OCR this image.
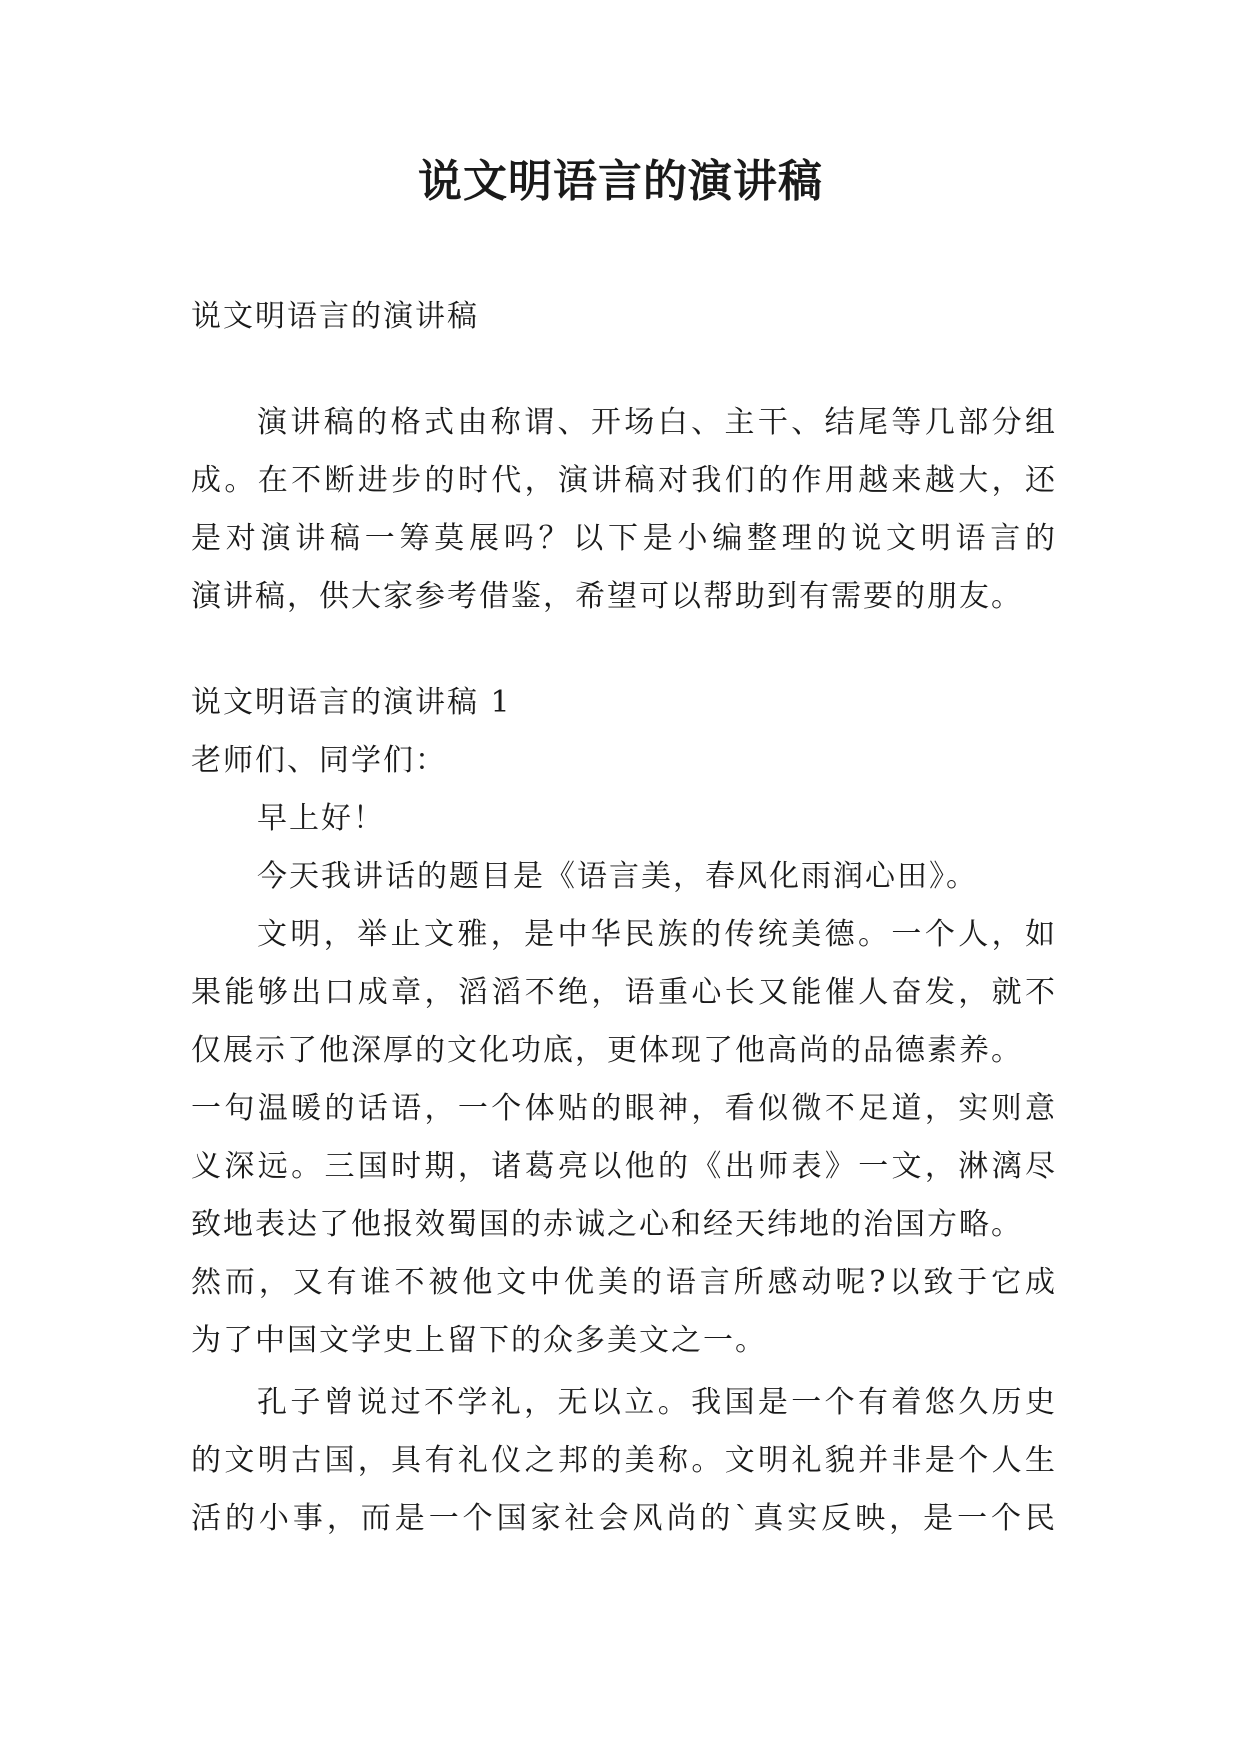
说文明语言的演讲稿
说文明语言的演讲稿
演讲稿的格式由称谓、开场白、主干、结尾等几部分组
成。在不断进步的时代，演讲稿对我们的作用越来越大，还
是对演讲稿一筹莫展吗？以下是小编整理的说文明语言的
演讲稿，供大家参考借鉴，希望可以帮助到有需要的朋友。
说文明语言的演讲稿 1
老师们、同学们：
早上好！
今天我讲话的题目是《语言美，春风化雨润心田》。
文明，举止文雅，是中华民族的传统美德。一个人，如
果能够出口成章，滔滔不绝，语重心长又能催人奋发，就不
仅展示了他深厚的文化功底，更体现了他高尚的品德素养。
一句温暖的话语，一个体贴的眼神，看似微不足道，实则意
义深远。三国时期，诸葛亮以他的《出师表》一文，淋漓尽
致地表达了他报效蜀国的赤诚之心和经天纬地的治国方略。
然而，又有谁不被他文中优美的语言所感动呢?以致于它成
为了中国文学史上留下的众多美文之一。
孔子曾说过不学礼，无以立。我国是一个有着悠久历史
的文明古国，具有礼仪之邦的美称。文明礼貌并非是个人生
活的小事，而是一个国家社会风尚的`真实反映，是一个民
